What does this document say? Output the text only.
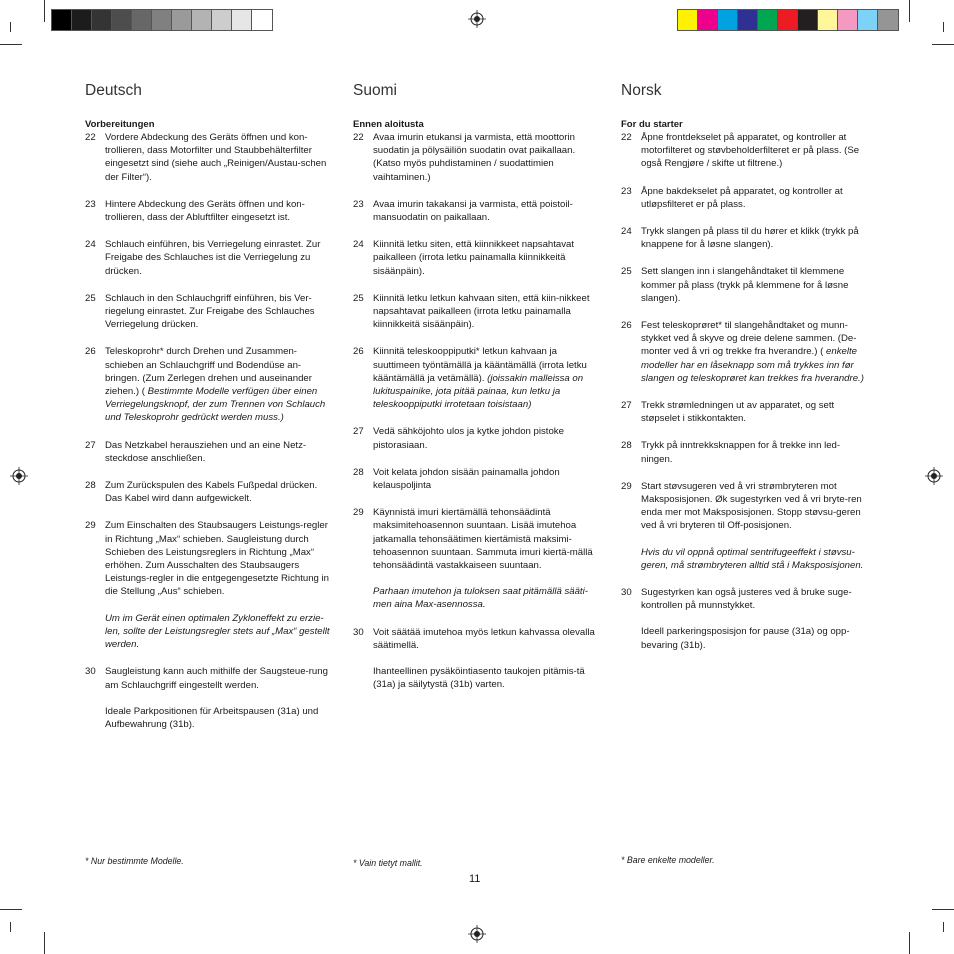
Deutsch
Vorbereitungen
22 Vordere Abdeckung des Geräts öffnen und kon-trollieren, dass Motorfilter und Staubbehälterfilter eingesetzt sind (siehe auch „Reinigen/Austau-schen der Filter“).
23 Hintere Abdeckung des Geräts öffnen und kon-trollieren, dass der Abluftfilter eingesetzt ist.
24 Schlauch einführen, bis Verriegelung einrastet. Zur Freigabe des Schlauches ist die Verriegelung zu drücken.
25 Schlauch in den Schlauchgriff einführen, bis Ver-riegelung einrastet. Zur Freigabe des Schlauches Verriegelung drücken.
26 Teleskoprohr* durch Drehen und Zusammen-schieben an Schlauchgriff und Bodendüse an-bringen. (Zum Zerlegen drehen und auseinander ziehen.) ( Bestimmte Modelle verfügen über einen Verriegelungsknopf, der zum Trennen von Schlauch und Teleskoprohr gedrückt werden muss.)
27 Das Netzkabel herausziehen und an eine Netz-steckdose anschließen.
28 Zum Zurückspulen des Kabels Fußpedal drücken. Das Kabel wird dann aufgewickelt.
29 Zum Einschalten des Staubsaugers Leistungs-regler in Richtung „Max“ schieben. Saugleistung durch Schieben des Leistungsreglers in Richtung „Max“ erhöhen. Zum Ausschalten des Staubsaugers Leistungs-regler in die entgegengesetzte Richtung in die Stellung „Aus“ schieben.
Um im Gerät einen optimalen Zykloneffekt zu erzie-len, sollte der Leistungsregler stets auf „Max“ gestellt werden.
30 Saugleistung kann auch mithilfe der Saugsteue-rung am Schlauchgriff eingestellt werden.
Ideale Parkpositionen für Arbeitspausen (31a) und Aufbewahrung (31b).
Suomi
Ennen aloitusta
22 Avaa imurin etukansi ja varmista, että moottorin suodatin ja pölysäiliön suodatin ovat paikallaan. (Katso myös puhdistaminen / suodattimien vaihtaminen.)
23 Avaa imurin takakansi ja varmista, että poistoil-mansuodatin on paikallaan.
24 Kiinnitä letku siten, että kiinnikkeet napsahtavat paikalleen (irrota letku painamalla kiinnikkeitä sisäänpäin).
25 Kiinnitä letku letkun kahvaan siten, että kiin-nikkeet napsahtavat paikalleen (irrota letku painamalla kiinnikkeitä sisäänpäin).
26 Kiinnitä teleskooppiputki* letkun kahvaan ja suuttimeen työntämällä ja kääntämällä (irrota letku kääntämällä ja vetämällä). (joissakin malleissa on lukituspainike, jota pitää painaa, kun letku ja teleskooppiputki irrotetaan toisistaan)
27 Vedä sähköjohto ulos ja kytke johdon pistoke pistorasiaan.
28 Voit kelata johdon sisään painamalla johdon kelauspoljinta
29 Käynnistä imuri kiertämällä tehonsäädintä maksimitehoasennon suuntaan. Lisää imutehoa jatkamalla tehonsäätimen kiertämistä maksimi-tehoasennon suuntaan. Sammuta imuri kiertä-mällä tehonsäädintä vastakkaiseen suuntaan.
Parhaan imutehon ja tuloksen saat pitämällä sääti-men aina Max-asennossa.
30 Voit säätää imutehoa myös letkun kahvassa olevalla säätimellä.
Ihanteellinen pysäköintiasento taukojen pitämis-tä (31a) ja säilytystä (31b) varten.
Norsk
For du starter
22 Åpne frontdekselet på apparatet, og kontroller at motorfilteret og støvbeholderfilteret er på plass. (Se også Rengjøre / skifte ut filtrene.)
23 Åpne bakdekselet på apparatet, og kontroller at utløpsfilteret er på plass.
24 Trykk slangen på plass til du hører et klikk (trykk på knappene for å løsne slangen).
25 Sett slangen inn i slangehåndtaket til klemmene kommer på plass (trykk på klemmene for å løsne slangen).
26 Fest teleskoprøret* til slangehåndtaket og munn-stykket ved å skyve og dreie delene sammen. (De-monter ved å vri og trekke fra hverandre.) ( enkelte modeller har en låseknapp som må trykkes inn før slangen og teleskoprøret kan trekkes fra hverandre.)
27 Trekk strømledningen ut av apparatet, og sett støpselet i stikkontakten.
28 Trykk på inntrekksknappen for å trekke inn led-ningen.
29 Start støvsugeren ved å vri strømbryteren mot Maksposisjonen. Øk sugestyrken ved å vri bryte-ren enda mer mot Maksposisjonen. Stopp støvsu-geren ved å vri bryteren til Off-posisjonen.
Hvis du vil oppnå optimal sentrifugeeffekt i støvsu-geren, må strømbryteren alltid stå i Maksposisjonen.
30 Sugestyrken kan også justeres ved å bruke suge-kontrollen på munnstykket.
Ideell parkeringsposisjon for pause (31a) og opp-bevaring (31b).
* Nur bestimmte Modelle.	* Vain tietyt mallit.	* Bare enkelte modeller.
11
